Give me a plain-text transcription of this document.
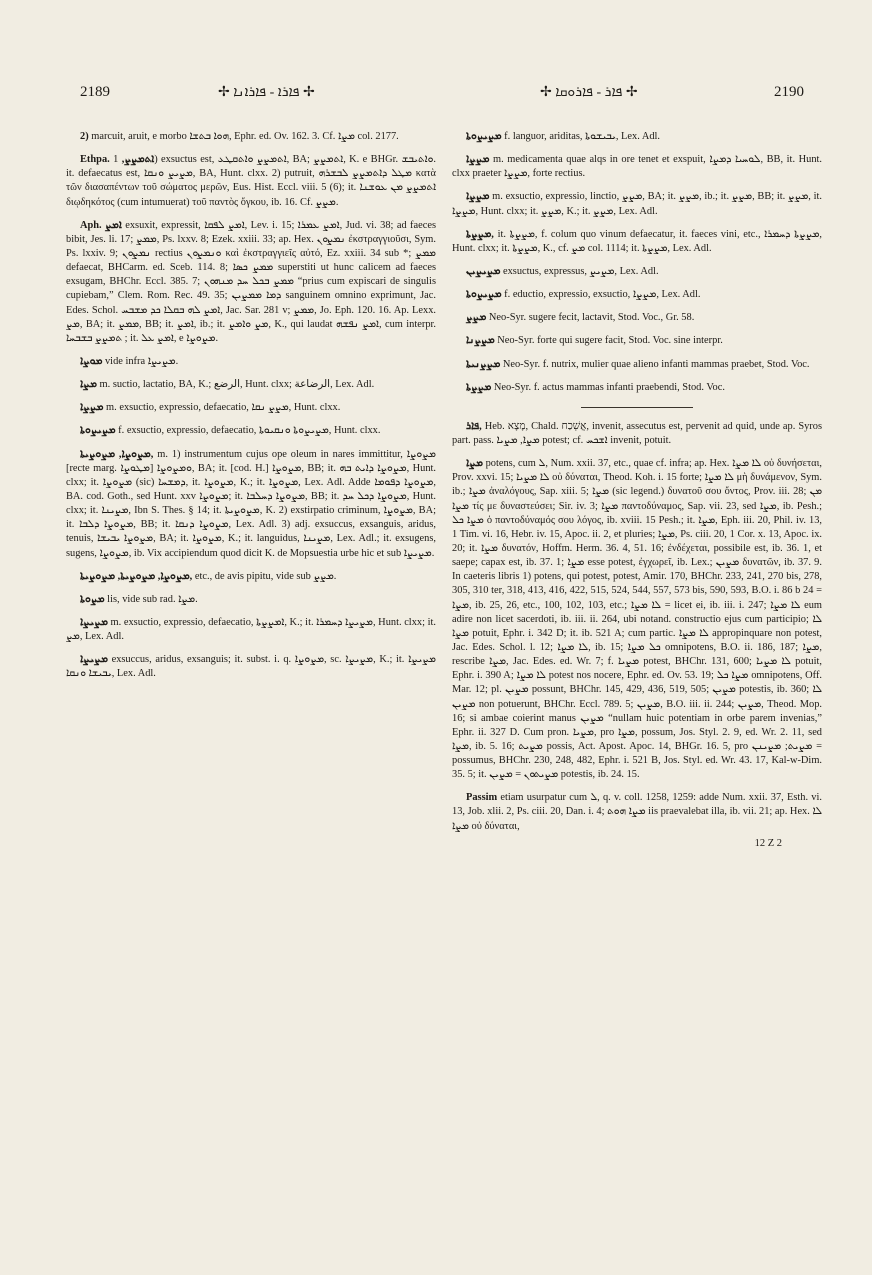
2189	✢ ܦܐܪܐ - ܦܐܪܐܢܐ ✢	✢ ܦܐܪ - ܦܐܪܘܩܐ ✢	2190

2) marcuit, aruit, e morbo ܗܘܐ ܒܬܫܐ, Ephr. ed. Ov. 162. 3. Cf. ܡܨܐ col. 2177.

Ethpa. ܐܬܡܨܨ, 1) exsuctus est, ܐܬܡܨܨ ܘܐܬܩܛܥ, BA; ܐܬܡܨܨ, K. e BHGr. ܘܐܬܝܒܫ. it. defaecatus est, ܡܨܝܨ ܘܢܩܐ, BA, Hunt. clxx. 2) putruit, ܡܛܠ ܕܐܬܡܨܨ ܠܒܫܪܗ κατὰ τῶν διασαπέντων τοῦ σώματος μερῶν, Eus. Hist. Eccl. viii. 5 (6); it. ܐܬܡܨܨ ܡܢ ܥܘܫܢܐ διῳδηκότος (cum intumuerat) τοῦ παντὸς ὄγκου, ib. 16. Cf. ܡܨܨ.

Aph. ܐܡܨ exsuxit, expressit, ܐܡܨ ܠܦܩܐ, Lev. i. 15; ܐܡܨ ܥܡܪܐ, Jud. vi. 38; ad faeces bibit, Jes. li. 17; ܡܡܨ, Ps. lxxv. 8; Ezek. xxiii. 33; ap. Hex. ܢܡܨܘܢ ἐκστραγγιοῦσι, Sym. Ps. lxxiv. 9; ܢܡܨܘܢ rectius ܘܢܡܨܘܢ καὶ ἐκστραγγιεῖς αὐτό, Ez. xxiii. 34 sub *; ܡܡܨ defaecat, BHCarm. ed. Sceb. 114. 8; ܡܡܨ ܟܣܐ superstiti ut hunc calicem ad faeces exsugam, BHChr. Eccl. 385. 7; ܡܡܨ ܒܟܠ ܚܕ ܡܢܗܘܢ “prius cum expiscari de singulis cupiebam,” Clem. Rom. Rec. 49. 35; ܕܡܐ ܡܡܨܝܢ sanguinem omnino exprimunt, Jac. Edes. Schol. ܐܡܨ ܠܗ ܒܩܠܐ ܟܕ ܡܫܒܚ, Jac. Sar. 281 v; ܡܡܨ, Jo. Eph. 120. 16. Ap. Lexx. ܡܨ, BA; it. ܡܡܨ, BB; it. ܐܡܨ, ib.; it. ܡܨ ܘܐܡܨ, K., qui laudat ܐܡܨ ܢܦܫܗ, cum interpr. ܬܡܨܨ ܒܫܒܚܐ ; it. ܐܡܨ ܥܠ, e ܡܨܘܨܐ.

ܡܘܨܐ vide infra ܡܨܝܨܐ.

ܡܨܐ m. suctio, lactatio, BA, K.; الرضع, Hunt. clxx; الرضاعة, Lex. Adl.

ܡܨܨܐ m. exsuctio, expressio, defaecatio, ܡܨܨ ܢܩܐ, Hunt. clxx.

ܡܨܝܨܘܬܐ f. exsuctio, expressio, defaecatio, ܡܨܝܨܘܬܐ ܘܢܩܝܘܬܐ, Hunt. clxx.

ܡܨܘܨܐ, ܡܨܘܨܝܬܐ, m. 1) instrumentum cujus ope oleum in nares immittitur, ܡܨܘܨܐ [recte marg. ܡܛܘܨܐ] ܘܡܨܘܨܐ, BA; it. [cod. H.] ܡܨܘܨܐ, BB; it. ܡܨܘܨܐ ܕܐܝܬ ܒܗ, Hunt. clxx; it. ܡܨܘܨܐ (sic) ܕܡܫܚܐ, it. ܡܨܘܨܐ, K.; it. ܡܨܘܨܐ, Lex. Adl. Adde ܡܨܘܨܐ ܕܦܘܡܐ, BA. cod. Goth., sed Hunt. xxv ܡܨܘܨܐ; it. ܡܨܘܨܐ ܕܚܠܒܐ, BB; it. ܡܨܘܨܐ ܕܟܠ ܚܕ, Hunt. clxx; it. ܡܨܝܢܐ, Ibn S. Thes. § 14; it. ܡܨܘܨܝܬܐ, K. 2) exstirpatio criminum, ܡܨܘܨܐ, BA; it. ܡܨܘܨܐ ܕܠܒܐ, BB; it. ܡܨܘܨܐ ܕܢܩܐ, Lex. Adl. 3) adj. exsuccus, exsanguis, aridus, tenuis, ܡܨܘܨܐ ܝܒܝܫܐ, BA; it. ܡܨܘܨܐ, K.; it. languidus, ܡܨܝܢܐ, Lex. Adl.; it. exsugens, sugens, ܡܨܘܨܐ, ib. Vix accipiendum quod dicit K. de Mopsuestia urbe hic et sub ܡܨܝܨܐ.

ܡܨܘܨܐ, ܡܨܘܨܝܬܐ, ܡܨܘܨܝܬܐ, etc., de avis pipitu, vide sub ܡܨܨ.

ܡܨܘܬܐ lis, vide sub rad. ܡܨܐ.

ܡܨܝܨܐ m. exsuctio, expressio, defaecatio, ܐܡܨܨܬܐ, K.; it. ܡܨܝܨܐ ܕܚܡܪܐ, Hunt. clxx; it. ܡܨ, Lex. Adl.

ܡܨܝܨܐ exsuccus, aridus, exsanguis; it. subst. i. q. ܡܨܘܨܐ, sc. ܡܨܝܨܐ, K.; it. ܡܨܝܨܐ ܝܒܝܫܐ ܘܢܩܐ, Lex. Adl.

ܡܨܝܨܘܬܐ f. languor, ariditas, ܝܒܝܫܘܬܐ, Lex. Adl.

ܡܨܨܐ m. medicamenta quae alqs in ore tenet et exspuit, ܠܘܚܝܐ ܕܡܨܐ, BB, it. Hunt. clxx praeter ܡܨܨܐ, forte rectius.

ܡܨܨܐ m. exsuctio, expressio, linctio, ܡܨܨ, BA; it. ܡܨܨ, ib.; it. ܡܨܨ, BB; it. ܡܨܨ, it. ܡܨܨܐ, Hunt. clxx; it. ܡܨܨ, K.; it. ܡܨܨ, Lex. Adl.

ܡܨܨܬܐ, it. ܡܨܨܬܐ, f. colum quo vinum defaecatur, it. faeces vini, etc., ܡܨܨܬܐ ܕܚܡܪܐ, Hunt. clxx; it. ܡܨܨܬܐ, K., cf. ܡܨ col. 1114; it. ܡܨܨܬܐ, Lex. Adl.

ܡܨܝܨܝܢ exsuctus, expressus, ܡܨܝܨ, Lex. Adl.

ܡܨܝܨܘܬܐ f. eductio, expressio, exsuctio, ܡܨܨܐ, Lex. Adl.

ܡܨܨ Neo-Syr. sugere fecit, lactavit, Stod. Voc., Gr. 58.

ܡܨܨܢܐ Neo-Syr. forte qui sugere facit, Stod. Voc. sine interpr.

ܡܨܨܢܝܬܐ Neo-Syr. f. nutrix, mulier quae alieno infanti mammas praebet, Stod. Voc.

ܡܨܨܬܐ Neo-Syr. f. actus mammas infanti praebendi, Stod. Voc.

ܦܐܪ, Heb. מָצָא, Chald. אֲשְׁכַח, invenit, assecutus est, pervenit ad quid, unde ap. Syros part. pass. ܡܨܐ, ܡܨܝܐ potest; cf. ܐܫܟܚ invenit, potuit.

ܡܨܐ potens, cum ܠ, Num. xxii. 37, etc., quae cf. infra; ap. Hex. ܠܐ ܡܨܐ οὐ δυνήσεται, Prov. xxvi. 15; ܠܐ ܡܨܝܐ οὐ δύναται, Theod. Koh. i. 15 forte; ܠܐ ܡܨܐ μὴ δυνάμενον, Sym. ib.; ܡܨܐ ἀναλόγους, Sap. xiii. 5; ܡܨܐ (sic legend.) δυνατοῦ σου ὄντος, Prov. iii. 28; ܡܢ ܡܨܐ τίς με δυναστεύσει; Sir. iv. 3; ܡܨܐ παντοδύναμος, Sap. vii. 23, sed ܡܨܐ, ib. Pesh.; ܡܨܐ ܟܠ ὁ παντοδύναμός σου λόγος, ib. xviii. 15 Pesh.; it. ܡܨܐ, Eph. iii. 20, Phil. iv. 13, 1 Tim. vi. 16, Hebr. iv. 15, Apoc. ii. 2, et pluries; ܡܨܐ, Ps. ciii. 20, 1 Cor. x. 13, Apoc. ix. 20; it. ܡܨܐ δυνατόν, Hoffm. Herm. 36. 4, 51. 16; ἐνδέχεται, possibile est, ib. 36. 1, et saepe; capax est, ib. 37. 1; ܡܨܐ esse potest, ἐγχωρεῖ, ib. Lex.; ܡܨܝܢ δυνατῶν, ib. 37. 9. In caeteris libris 1) potens, qui potest, potest, Amir. 170, BHChr. 233, 241, 270 bis, 278, 305, 310 ter, 318, 413, 416, 422, 515, 524, 544, 557, 573 bis, 590, 593, B.O. i. 86 b 24 = ܡܨܐ, ib. 25, 26, etc., 100, 102, 103, etc.; ܠܐ ܡܨܐ = licet ei, ib. iii. i. 247; ܠܐ ܡܨܐ eum adire non licet sacerdoti, ib. iii. ii. 264, ubi notand. constructio ejus cum participio; ܠܐ ܡܨܐ potuit, Ephr. i. 342 D; it. ib. 521 A; cum partic. ܠܐ ܡܨܐ appropinquare non potest, Jac. Edes. Schol. l. 12; ܠܐ ܡܨܐ, ib. 15; ܟܠ ܡܨܐ omnipotens, B.O. ii. 186, 187; ܡܨܐ, rescribe ܡܨܐ, Jac. Edes. ed. Wr. 7; f. ܡܨܝܐ potest, BHChr. 131, 600; ܠܐ ܡܨܝܐ potuit, Ephr. i. 390 A; ܠܐ ܡܨܐ potest nos nocere, Ephr. ed. Ov. 53. 19; ܡܨܐ ܟܠ omnipotens, Off. Mar. 12; pl. ܡܨܝܢ possunt, BHChr. 145, 429, 436, 519, 505; ܡܨܝܢ potestis, ib. 360; ܠܐ ܡܨܝܢ non potuerunt, BHChr. Eccl. 789. 5; ܡܨܝܢ, B.O. iii. ii. 244; ܡܨܝܢ, Theod. Mop. 16; si ambae coierint manus ܡܨܝܢ “nullam huic potentiam in orbe parem invenias,” Ephr. ii. 327 D. Cum pron. ܡܨܝܐ, pro ܡܨܐ, possum, Jos. Styl. 2. 9, ed. Wr. 2. 11, sed ܡܨܐ, ib. 5. 16; ܡܨܝܬ possis, Act. Apost. Apoc. 14, BHGr. 16. 5, pro ܡܨܝܬ; ܡܨܝܢܢ = possumus, BHChr. 230, 248, 482, Ephr. i. 521 B, Jos. Styl. ed. Wr. 43. 17, Kal-w-Dim. 35. 5; it. ܡܨܝܬܘܢ = ܡܨܝܢ potestis, ib. 24. 15.

Passim etiam usurpatur cum ܠ, q. v. coll. 1258, 1259: adde Num. xxii. 37, Esth. vi. 13, Job. xlii. 2, Ps. ciii. 20, Dan. i. 4; ܡܨܐ ܗܘܬ iis praevalebat illa, ib. vii. 21; ap. Hex. ܠܐ ܡܨܐ οὐ δύναται,

12 Z 2
